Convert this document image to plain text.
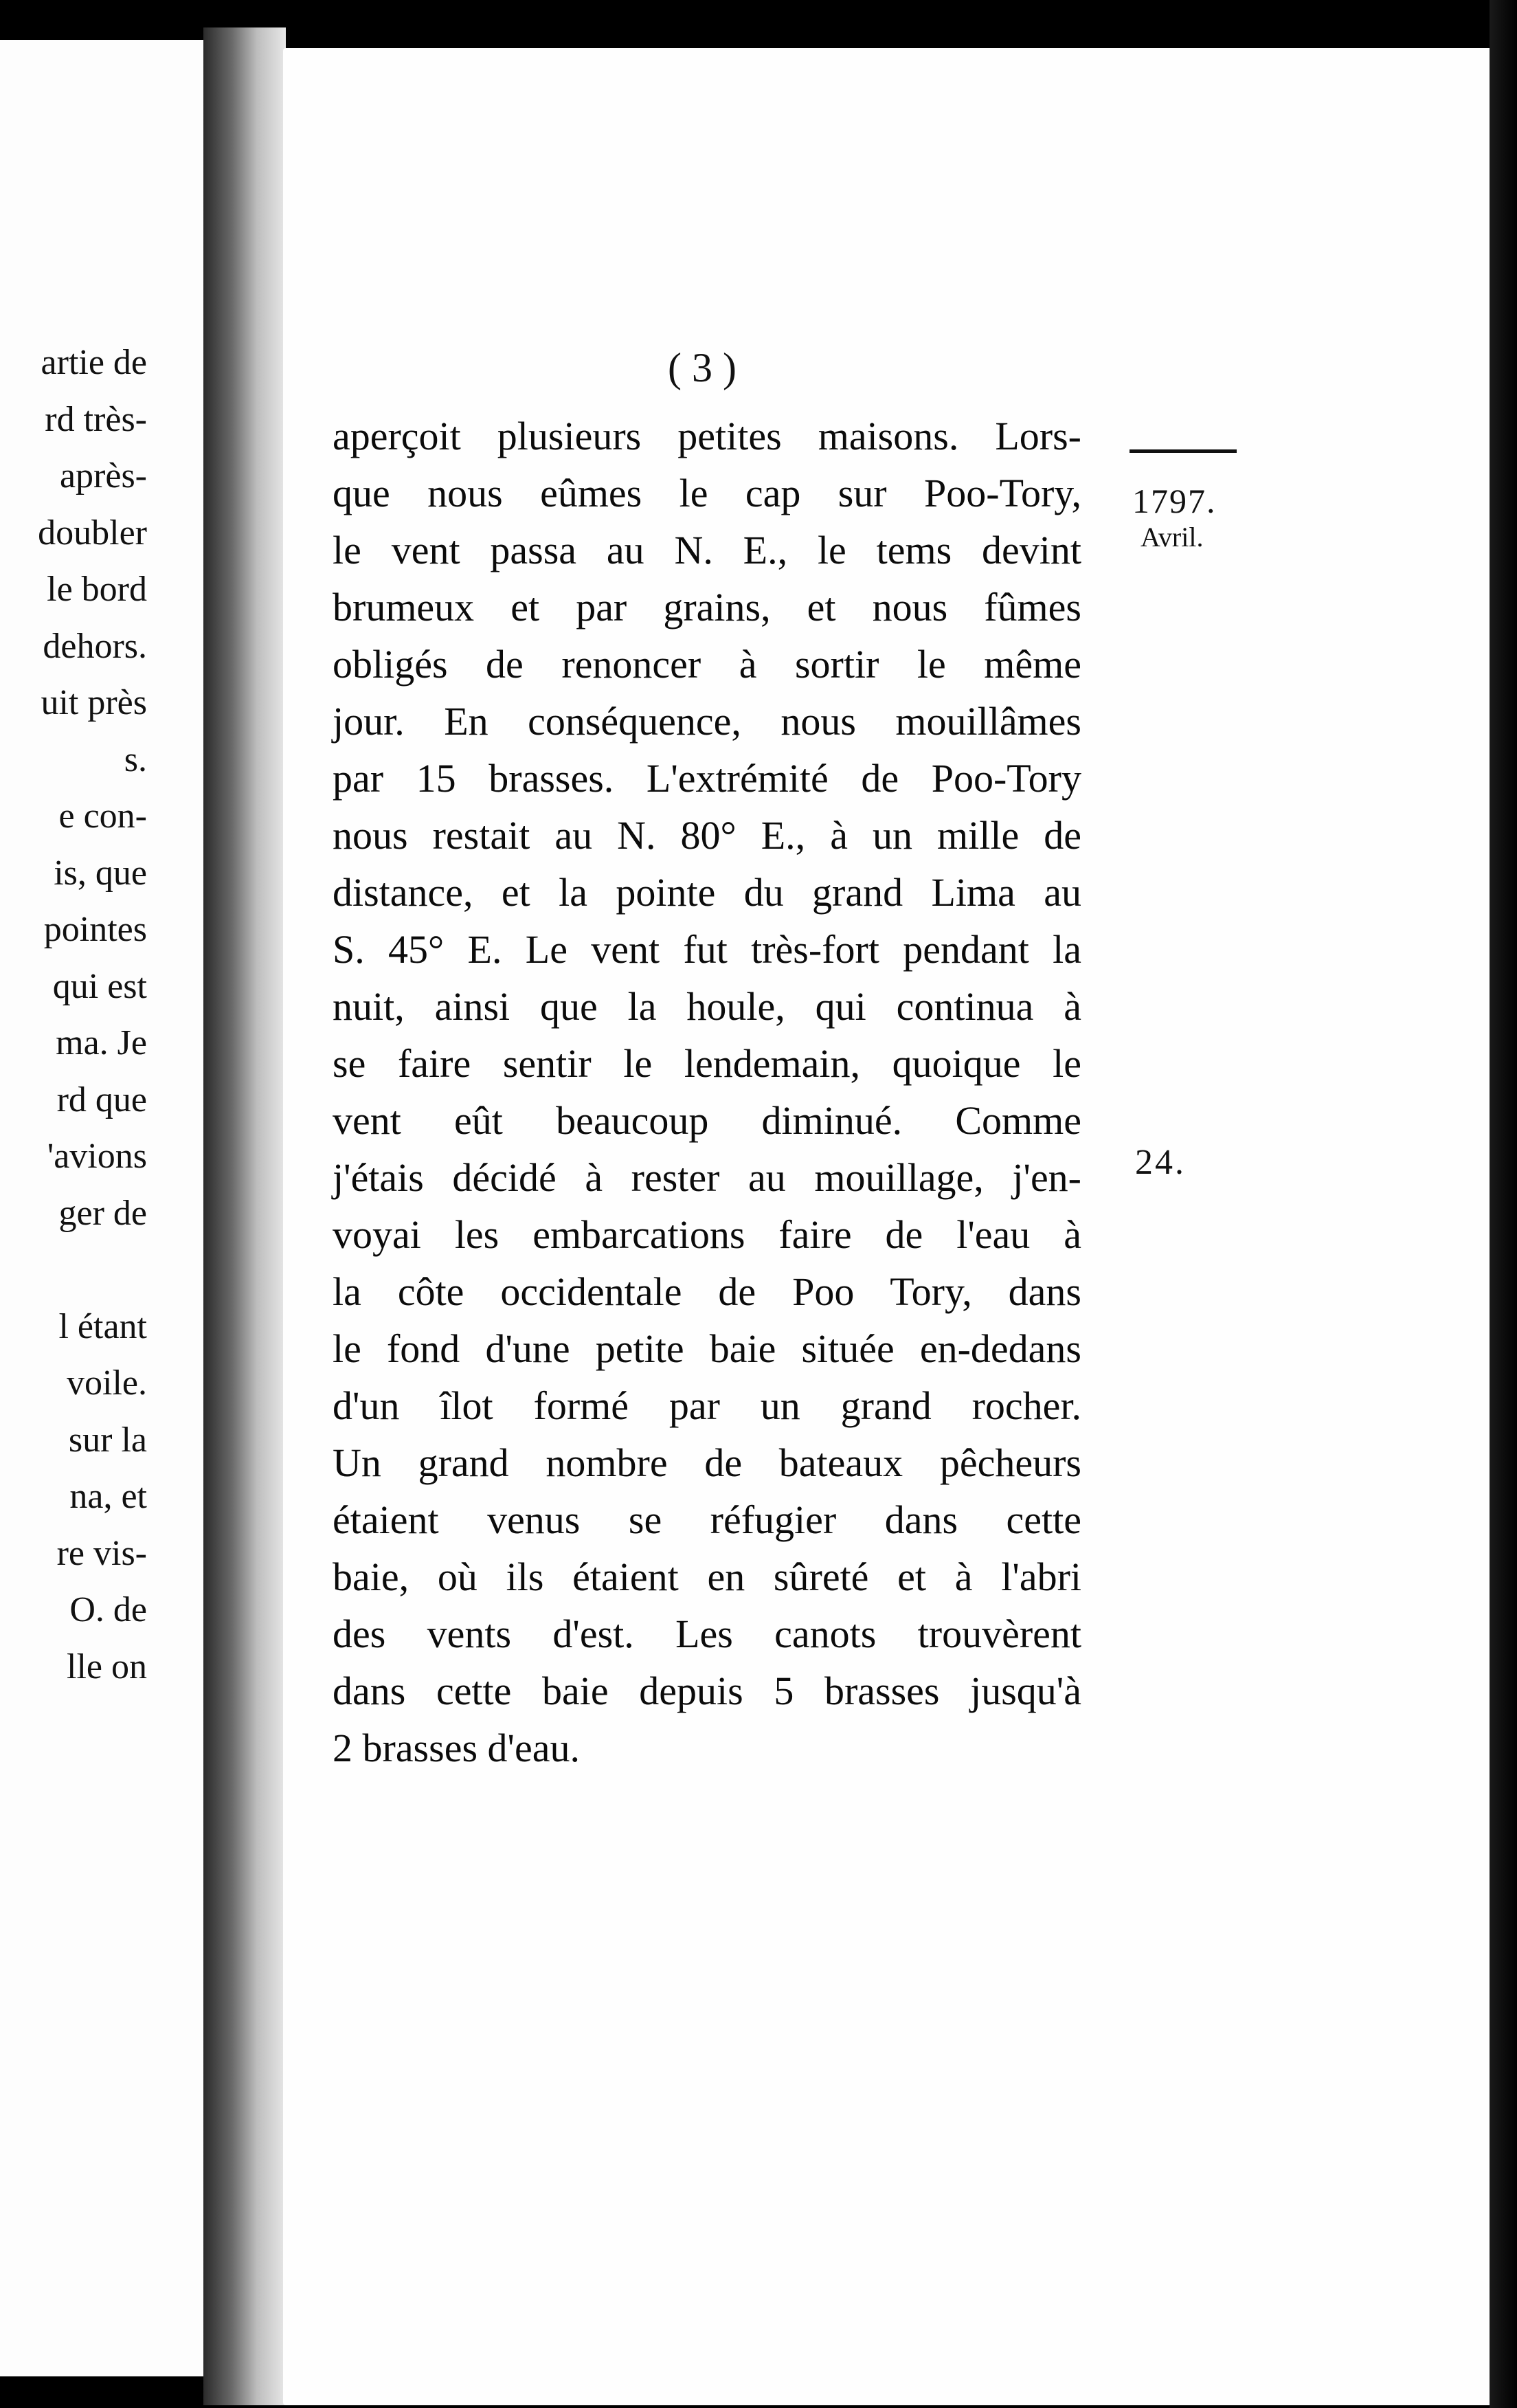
artie de
rd très-
après-
doubler
le bord
dehors.
uit près
s.
e con-
is, que
pointes
qui est
ma. Je
rd que
'avions
ger de
l étant
voile.
sur la
na, et
re vis-
O. de
lle on
( 3 )
1797.
Avril.
24.
aperçoit plusieurs petites maisons. Lors-
que nous eûmes le cap sur Poo-Tory,
le vent passa au N. E., le tems devint
brumeux et par grains, et nous fûmes
obligés de renoncer à sortir le même
jour. En conséquence, nous mouillâmes
par 15 brasses. L'extrémité de Poo-Tory
nous restait au N. 80° E., à un mille de
distance, et la pointe du grand Lima au
S. 45° E. Le vent fut très-fort pendant la
nuit, ainsi que la houle, qui continua à
se faire sentir le lendemain, quoique le
vent eût beaucoup diminué. Comme
j'étais décidé à rester au mouillage, j'en-
voyai les embarcations faire de l'eau à
la côte occidentale de Poo Tory, dans
le fond d'une petite baie située en-dedans
d'un îlot formé par un grand rocher.
Un grand nombre de bateaux pêcheurs
étaient venus se réfugier dans cette
baie, où ils étaient en sûreté et à l'abri
des vents d'est. Les canots trouvèrent
dans cette baie depuis 5 brasses jusqu'à
2 brasses d'eau.
